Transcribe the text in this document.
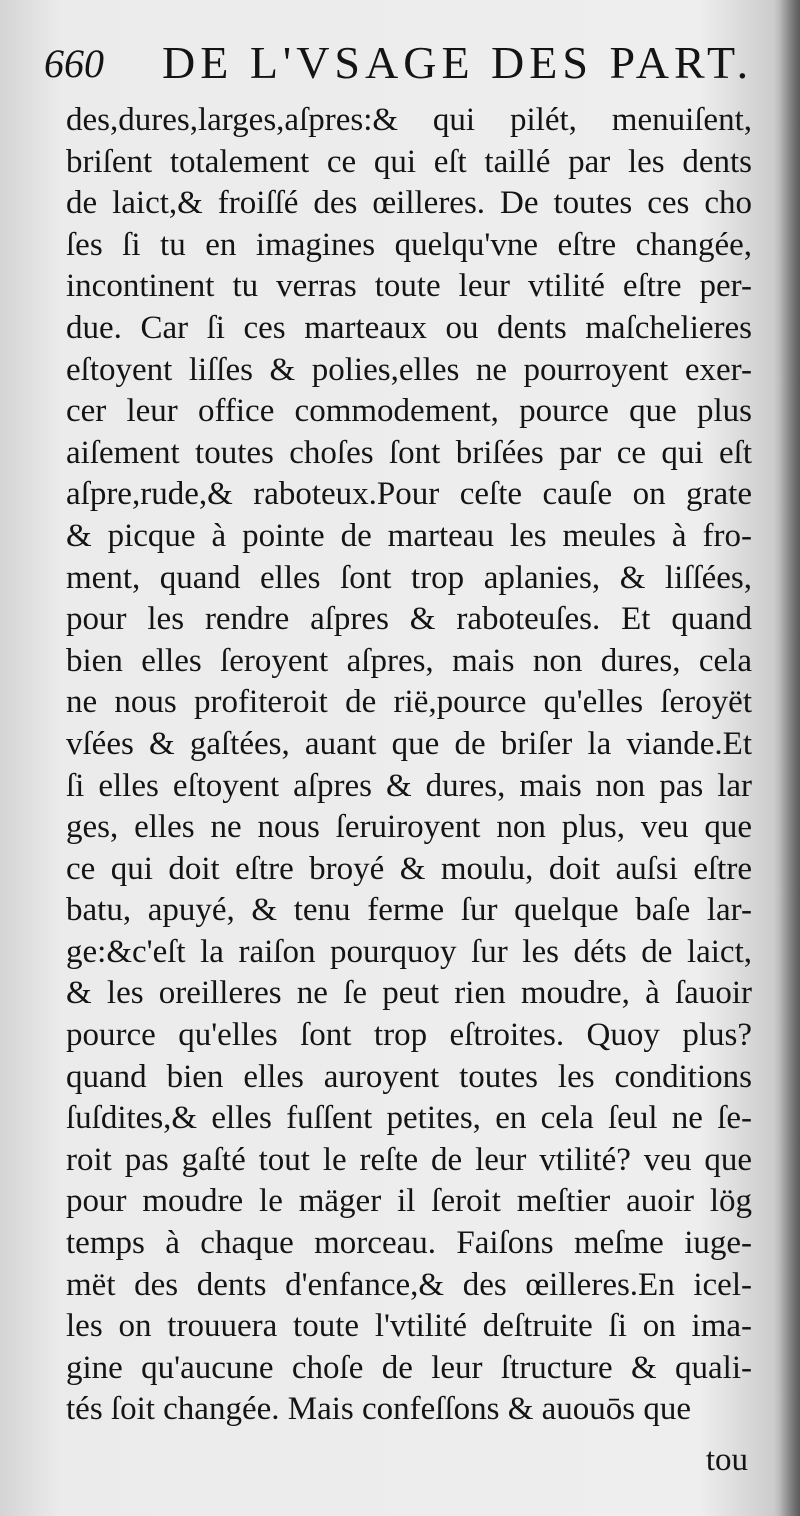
660 DE L'VSAGE DES PART.
des,dures,larges,aſpres:& qui pilét, menuiſent,
briſent totalement ce qui eſt taillé par les dents
de laict,& froiſſé des œilleres. De toutes ces cho
ſes ſi tu en imagines quelqu'vne eſtre changée,
incontinent tu verras toute leur vtilité eſtre per-
due. Car ſi ces marteaux ou dents maſchelieres
eſtoyent liſſes & polies,elles ne pourroyent exer-
cer leur office commodement, pource que plus
aiſement toutes choſes ſont briſées par ce qui eſt
aſpre,rude,& raboteux.Pour ceſte cauſe on grate
& picque à pointe de marteau les meules à fro-
ment, quand elles ſont trop aplanies, & liſſées,
pour les rendre aſpres & raboteuſes. Et quand
bien elles ſeroyent aſpres, mais non dures, cela
ne nous profiteroit de rië,pource qu'elles ſeroyët
vſées & gaſtées, auant que de briſer la viande.Et
ſi elles eſtoyent aſpres & dures, mais non pas lar
ges, elles ne nous ſeruiroyent non plus, veu que
ce qui doit eſtre broyé & moulu, doit auſsi eſtre
batu, apuyé, & tenu ferme ſur quelque baſe lar-
ge:&c'eſt la raiſon pourquoy ſur les déts de laict,
& les oreilleres ne ſe peut rien moudre, à ſauoir
pource qu'elles ſont trop eſtroites. Quoy plus?
quand bien elles auroyent toutes les conditions
ſuſdites,& elles fuſſent petites, en cela ſeul ne ſe-
roit pas gaſté tout le reſte de leur vtilité? veu que
pour moudre le mäger il ſeroit meſtier auoir lög
temps à chaque morceau. Faiſons meſme iuge-
mët des dents d'enfance,& des œilleres.En icel-
les on trouuera toute l'vtilité deſtruite ſi on ima-
gine qu'aucune choſe de leur ſtructure & quali-
tés ſoit changée. Mais confeſſons & auouōs que
tou
